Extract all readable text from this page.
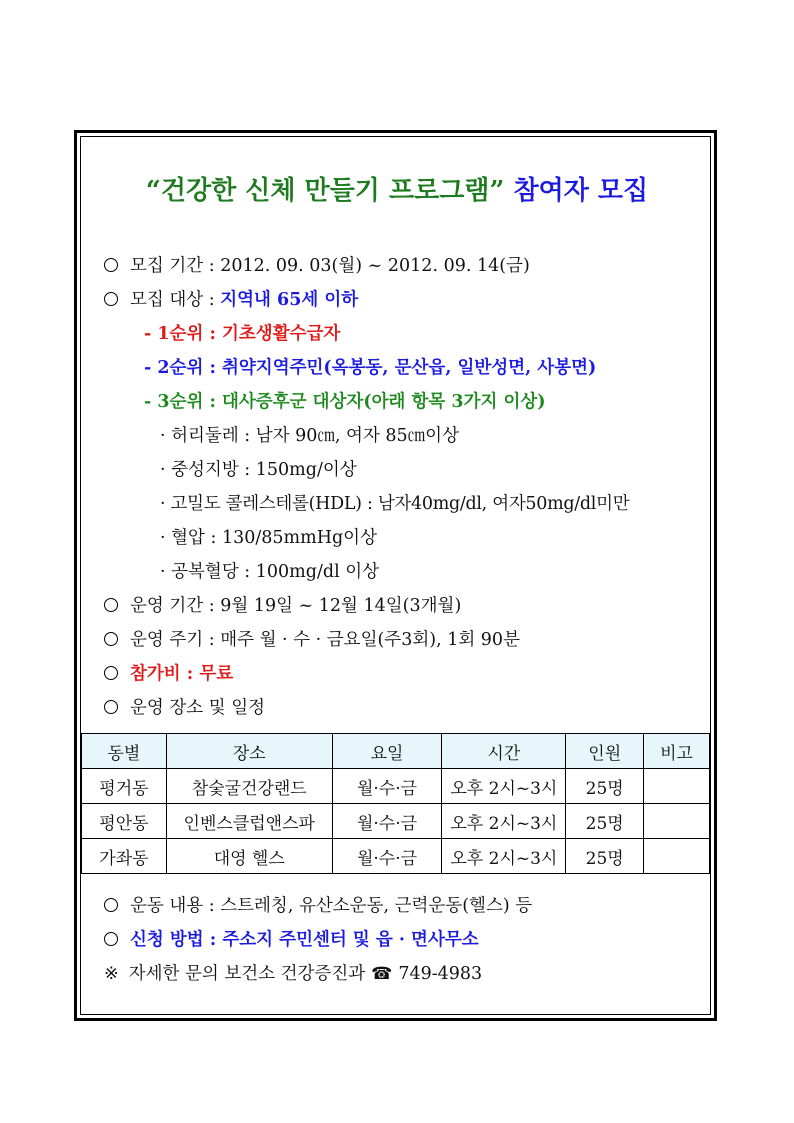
“건강한 신체 만들기 프로그램” 참여자 모집
모집 기간 : 2012. 09. 03(월) ~ 2012. 09. 14(금)
모집 대상 : 지역내 65세 이하
- 1순위 : 기초생활수급자
- 2순위 : 취약지역주민(옥봉동, 문산읍, 일반성면, 사봉면)
- 3순위 : 대사증후군 대상자(아래 항목 3가지 이상)
· 허리둘레 : 남자 90㎝, 여자 85㎝이상
· 중성지방 : 150mg/이상
· 고밀도 콜레스테롤(HDL) : 남자40mg/dl, 여자50mg/dl미만
· 혈압 : 130/85mmHg이상
· 공복혈당 : 100mg/dl 이상
운영 기간 : 9월 19일 ~ 12월 14일(3개월)
운영 주기 : 매주 월 · 수 · 금요일(주3회), 1회 90분
참가비 : 무료
운영 장소 및 일정
동별	장소	요일	시간	인원	비고
평거동	참숯굴건강랜드	월·수·금	오후 2시~3시	25명	
평안동	인벤스클럽앤스파	월·수·금	오후 2시~3시	25명	
가좌동	대영 헬스	월·수·금	오후 2시~3시	25명	
운동 내용 : 스트레칭, 유산소운동, 근력운동(헬스) 등
신청 방법 : 주소지 주민센터 및 읍 · 면사무소
※ 자세한 문의 보건소 건강증진과 ☎ 749-4983
